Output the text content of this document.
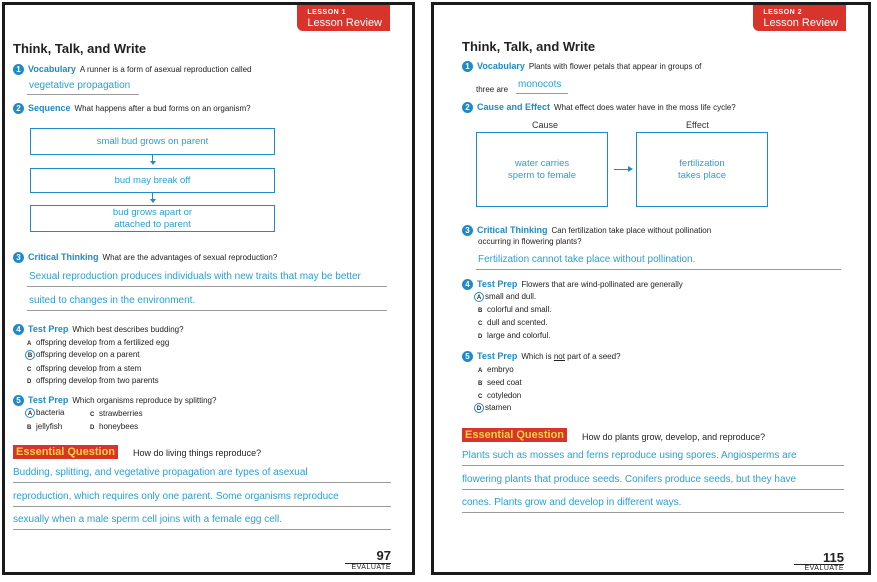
LESSON 1
Lesson Review
Think, Talk, and Write
1 Vocabulary A runner is a form of asexual reproduction called
vegetative propagation
2 Sequence What happens after a bud forms on an organism?
small bud grows on parent
bud may break off
bud grows apart or attached to parent
3 Critical Thinking What are the advantages of sexual reproduction?
Sexual reproduction produces individuals with new traits that may be better
suited to changes in the environment.
4 Test Prep Which best describes budding?
A offspring develop from a fertilized egg
B offspring develop on a parent
C offspring develop from a stem
D offspring develop from two parents
5 Test Prep Which organisms reproduce by splitting?
A bacteria	C strawberries
B jellyfish	D honeybees
Essential Question	How do living things reproduce?
Budding, splitting, and vegetative propagation are types of asexual
reproduction, which requires only one parent. Some organisms reproduce
sexually when a male sperm cell joins with a female egg cell.
97
EVALUATE
LESSON 2
Lesson Review
Think, Talk, and Write
1 Vocabulary Plants with flower petals that appear in groups of
three are monocots
2 Cause and Effect What effect does water have in the moss life cycle?
Cause	Effect
water carries
sperm to female
fertilization
takes place
3 Critical Thinking Can fertilization take place without pollination
occurring in flowering plants?
Fertilization cannot take place without pollination.
4 Test Prep Flowers that are wind-pollinated are generally
A small and dull.
B colorful and small.
C dull and scented.
D large and colorful.
5 Test Prep Which is not part of a seed?
A embryo
B seed coat
C cotyledon
D stamen
Essential Question	How do plants grow, develop, and reproduce?
Plants such as mosses and ferns reproduce using spores. Angiosperms are
flowering plants that produce seeds. Conifers produce seeds, but they have
cones. Plants grow and develop in different ways.
115
EVALUATE
